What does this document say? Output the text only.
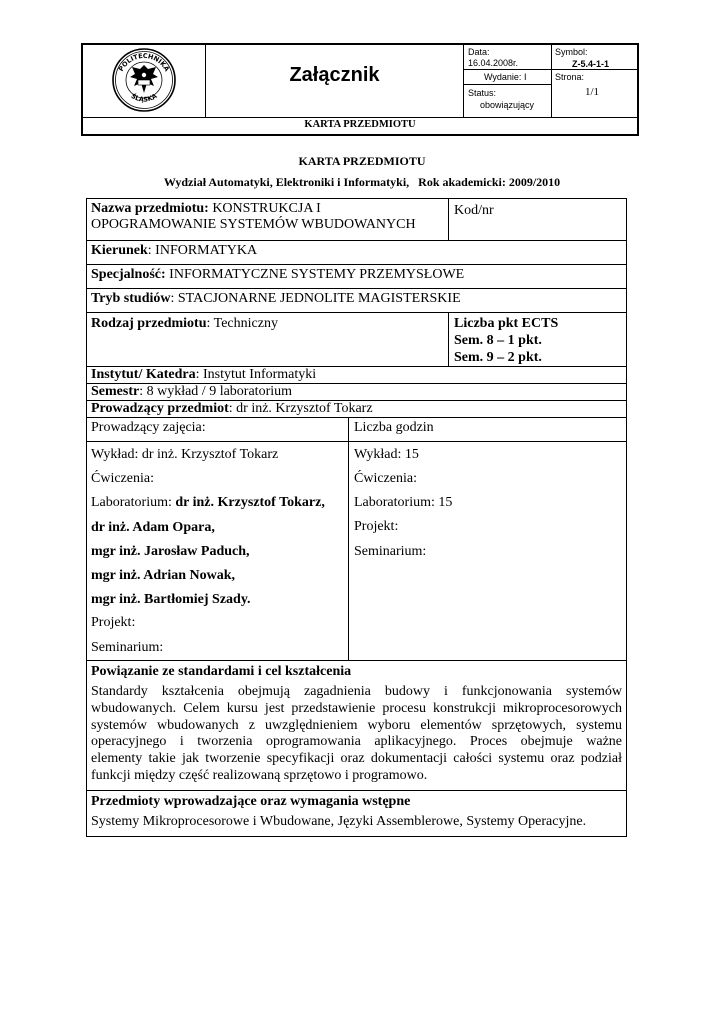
POLITECHNIKA
ŚLĄSKA
Załącznik
Data:
16.04.2008r.
Wydanie: I
Status:
obowiązujący
Symbol:
Z-5.4-1-1
Strona:
1/1
KARTA PRZEDMIOTU
KARTA PRZEDMIOTU
Wydział Automatyki, Elektroniki i Informatyki,   Rok akademicki: 2009/2010
Nazwa przedmiotu: KONSTRUKCJA I
OPOGRAMOWANIE SYSTEMÓW WBUDOWANYCH
Kod/nr
Kierunek: INFORMATYKA
Specjalność: INFORMATYCZNE SYSTEMY PRZEMYSŁOWE
Tryb studiów: STACJONARNE JEDNOLITE MAGISTERSKIE
Rodzaj przedmiotu: Techniczny	Liczba pkt ECTS
Sem. 8 – 1 pkt.
Sem. 9 – 2 pkt.
Instytut/ Katedra: Instytut Informatyki
Semestr: 8 wykład / 9 laboratorium
Prowadzący przedmiot: dr inż. Krzysztof Tokarz
Prowadzący zajęcia:	Liczba godzin
Wykład: dr inż. Krzysztof Tokarz
Ćwiczenia:
Laboratorium: dr inż. Krzysztof Tokarz,
dr inż. Adam Opara,
mgr inż. Jarosław Paduch,
mgr inż. Adrian Nowak,
mgr inż. Bartłomiej Szady.
Projekt:
Seminarium:
Wykład: 15
Ćwiczenia:
Laboratorium: 15
Projekt:
Seminarium:
Powiązanie ze standardami i cel kształcenia
Standardy kształcenia obejmują zagadnienia budowy i funkcjonowania systemów
wbudowanych. Celem kursu jest przedstawienie procesu konstrukcji mikroprocesorowych
systemów wbudowanych z uwzględnieniem wyboru elementów sprzętowych, systemu
operacyjnego i tworzenia oprogramowania aplikacyjnego. Proces obejmuje ważne
elementy takie jak tworzenie specyfikacji oraz dokumentacji całości systemu oraz podział
funkcji między część realizowaną sprzętowo i programowo.
Przedmioty wprowadzające oraz wymagania wstępne
Systemy Mikroprocesorowe i Wbudowane, Języki Assemblerowe, Systemy Operacyjne.
